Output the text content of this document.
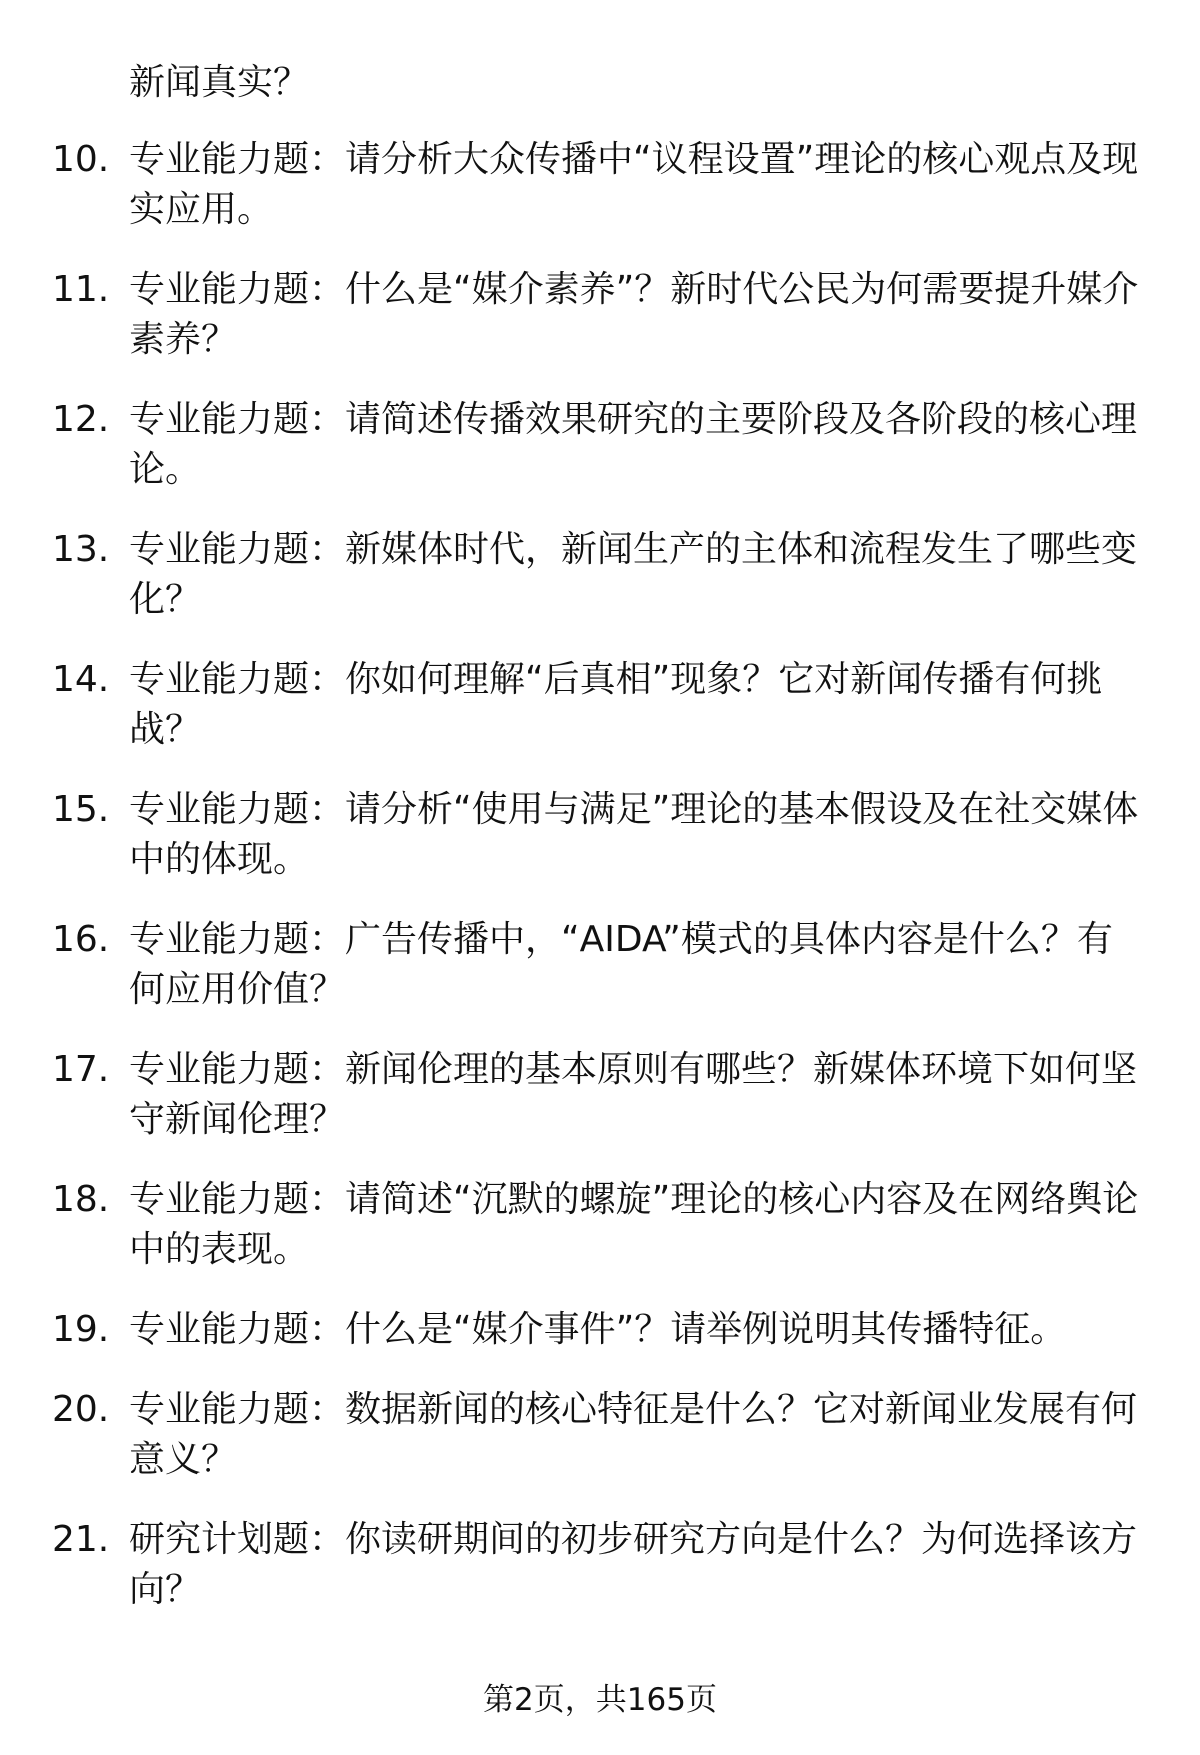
新闻真实？
10. 专业能力题：请分析大众传播中“议程设置”理论的核心观点及现实应用。
11. 专业能力题：什么是“媒介素养”？新时代公民为何需要提升媒介素养？
12. 专业能力题：请简述传播效果研究的主要阶段及各阶段的核心理论。
13. 专业能力题：新媒体时代，新闻生产的主体和流程发生了哪些变化？
14. 专业能力题：你如何理解“后真相”现象？它对新闻传播有何挑战？
15. 专业能力题：请分析“使用与满足”理论的基本假设及在社交媒体中的体现。
16. 专业能力题：广告传播中，“AIDA”模式的具体内容是什么？有何应用价值？
17. 专业能力题：新闻伦理的基本原则有哪些？新媒体环境下如何坚守新闻伦理？
18. 专业能力题：请简述“沉默的螺旋”理论的核心内容及在网络舆论中的表现。
19. 专业能力题：什么是“媒介事件”？请举例说明其传播特征。
20. 专业能力题：数据新闻的核心特征是什么？它对新闻业发展有何意义？
21. 研究计划题：你读研期间的初步研究方向是什么？为何选择该方向？
第2页，共165页
